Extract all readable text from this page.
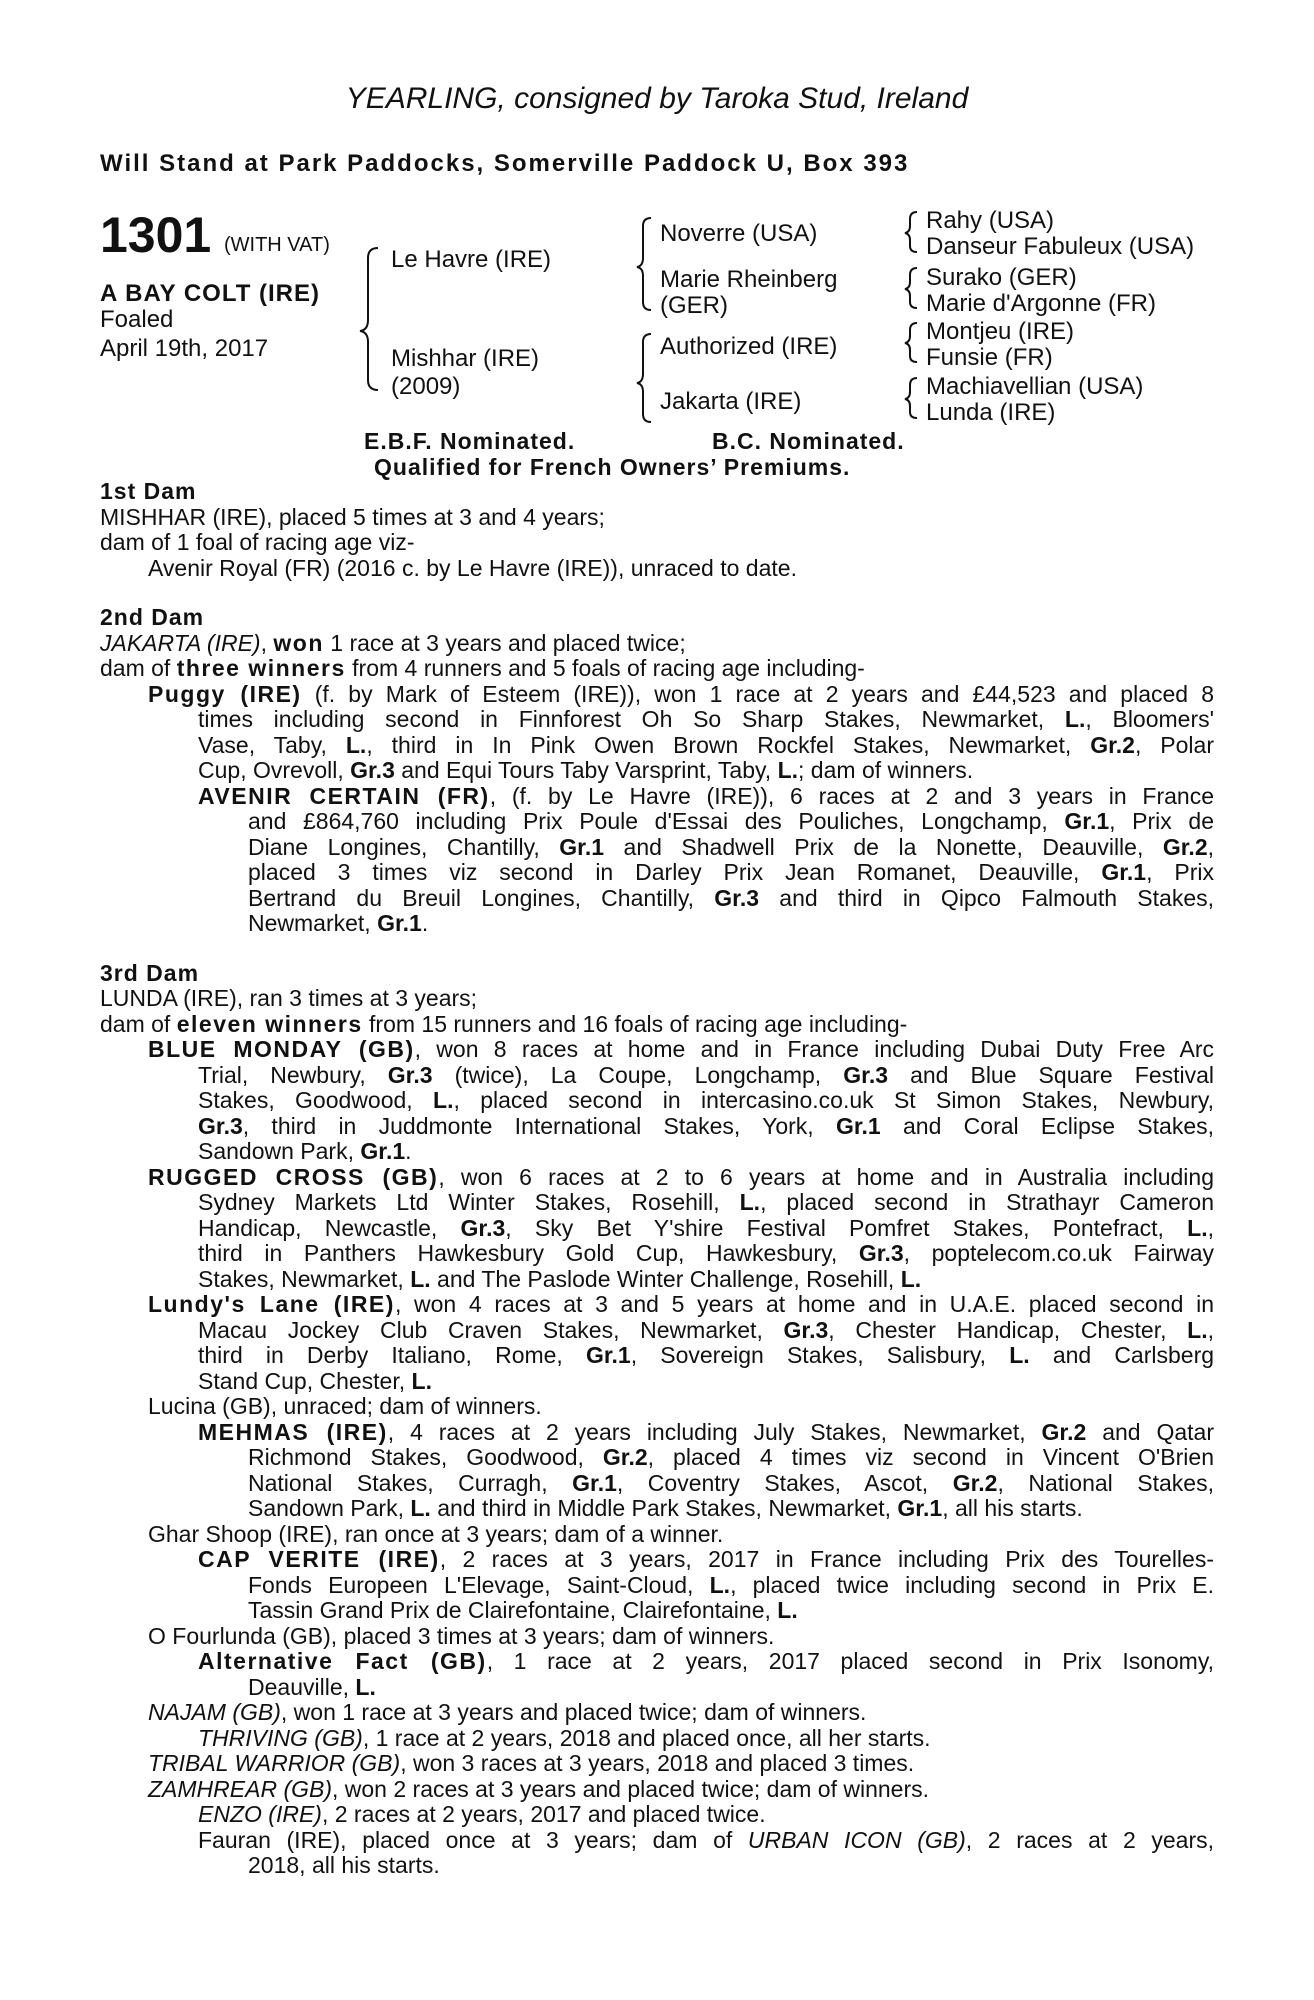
YEARLING, consigned by Taroka Stud, Ireland
Will Stand at Park Paddocks, Somerville Paddock U, Box 393
1301 (WITH VAT)
A BAY COLT (IRE)
Foaled
April 19th, 2017
Le Havre (IRE)
Mishhar (IRE)
(2009)
Noverre (USA)
Marie Rheinberg
(GER)
Authorized (IRE)
Jakarta (IRE)
Rahy (USA)
Danseur Fabuleux (USA)
Surako (GER)
Marie d'Argonne (FR)
Montjeu (IRE)
Funsie (FR)
Machiavellian (USA)
Lunda (IRE)
E.B.F. Nominated.	B.C. Nominated.
Qualified for French Owners’ Premiums.
1st Dam
MISHHAR (IRE), placed 5 times at 3 and 4 years;
dam of 1 foal of racing age viz-
Avenir Royal (FR) (2016 c. by Le Havre (IRE)), unraced to date.
2nd Dam
JAKARTA (IRE), won 1 race at 3 years and placed twice;
dam of three winners from 4 runners and 5 foals of racing age including-
Puggy (IRE) (f. by Mark of Esteem (IRE)), won 1 race at 2 years and £44,523 and placed 8
times including second in Finnforest Oh So Sharp Stakes, Newmarket, L., Bloomers'
Vase, Taby, L., third in In Pink Owen Brown Rockfel Stakes, Newmarket, Gr.2, Polar
Cup, Ovrevoll, Gr.3 and Equi Tours Taby Varsprint, Taby, L.; dam of winners.
AVENIR CERTAIN (FR), (f. by Le Havre (IRE)), 6 races at 2 and 3 years in France
and £864,760 including Prix Poule d'Essai des Pouliches, Longchamp, Gr.1, Prix de
Diane Longines, Chantilly, Gr.1 and Shadwell Prix de la Nonette, Deauville, Gr.2,
placed 3 times viz second in Darley Prix Jean Romanet, Deauville, Gr.1, Prix
Bertrand du Breuil Longines, Chantilly, Gr.3 and third in Qipco Falmouth Stakes,
Newmarket, Gr.1.
3rd Dam
LUNDA (IRE), ran 3 times at 3 years;
dam of eleven winners from 15 runners and 16 foals of racing age including-
BLUE MONDAY (GB), won 8 races at home and in France including Dubai Duty Free Arc
Trial, Newbury, Gr.3 (twice), La Coupe, Longchamp, Gr.3 and Blue Square Festival
Stakes, Goodwood, L., placed second in intercasino.co.uk St Simon Stakes, Newbury,
Gr.3, third in Juddmonte International Stakes, York, Gr.1 and Coral Eclipse Stakes,
Sandown Park, Gr.1.
RUGGED CROSS (GB), won 6 races at 2 to 6 years at home and in Australia including
Sydney Markets Ltd Winter Stakes, Rosehill, L., placed second in Strathayr Cameron
Handicap, Newcastle, Gr.3, Sky Bet Y'shire Festival Pomfret Stakes, Pontefract, L.,
third in Panthers Hawkesbury Gold Cup, Hawkesbury, Gr.3, poptelecom.co.uk Fairway
Stakes, Newmarket, L. and The Paslode Winter Challenge, Rosehill, L.
Lundy's Lane (IRE), won 4 races at 3 and 5 years at home and in U.A.E. placed second in
Macau Jockey Club Craven Stakes, Newmarket, Gr.3, Chester Handicap, Chester, L.,
third in Derby Italiano, Rome, Gr.1, Sovereign Stakes, Salisbury, L. and Carlsberg
Stand Cup, Chester, L.
Lucina (GB), unraced; dam of winners.
MEHMAS (IRE), 4 races at 2 years including July Stakes, Newmarket, Gr.2 and Qatar
Richmond Stakes, Goodwood, Gr.2, placed 4 times viz second in Vincent O'Brien
National Stakes, Curragh, Gr.1, Coventry Stakes, Ascot, Gr.2, National Stakes,
Sandown Park, L. and third in Middle Park Stakes, Newmarket, Gr.1, all his starts.
Ghar Shoop (IRE), ran once at 3 years; dam of a winner.
CAP VERITE (IRE), 2 races at 3 years, 2017 in France including Prix des Tourelles-
Fonds Europeen L'Elevage, Saint-Cloud, L., placed twice including second in Prix E.
Tassin Grand Prix de Clairefontaine, Clairefontaine, L.
O Fourlunda (GB), placed 3 times at 3 years; dam of winners.
Alternative Fact (GB), 1 race at 2 years, 2017 placed second in Prix Isonomy,
Deauville, L.
NAJAM (GB), won 1 race at 3 years and placed twice; dam of winners.
THRIVING (GB), 1 race at 2 years, 2018 and placed once, all her starts.
TRIBAL WARRIOR (GB), won 3 races at 3 years, 2018 and placed 3 times.
ZAMHREAR (GB), won 2 races at 3 years and placed twice; dam of winners.
ENZO (IRE), 2 races at 2 years, 2017 and placed twice.
Fauran (IRE), placed once at 3 years; dam of URBAN ICON (GB), 2 races at 2 years,
2018, all his starts.
